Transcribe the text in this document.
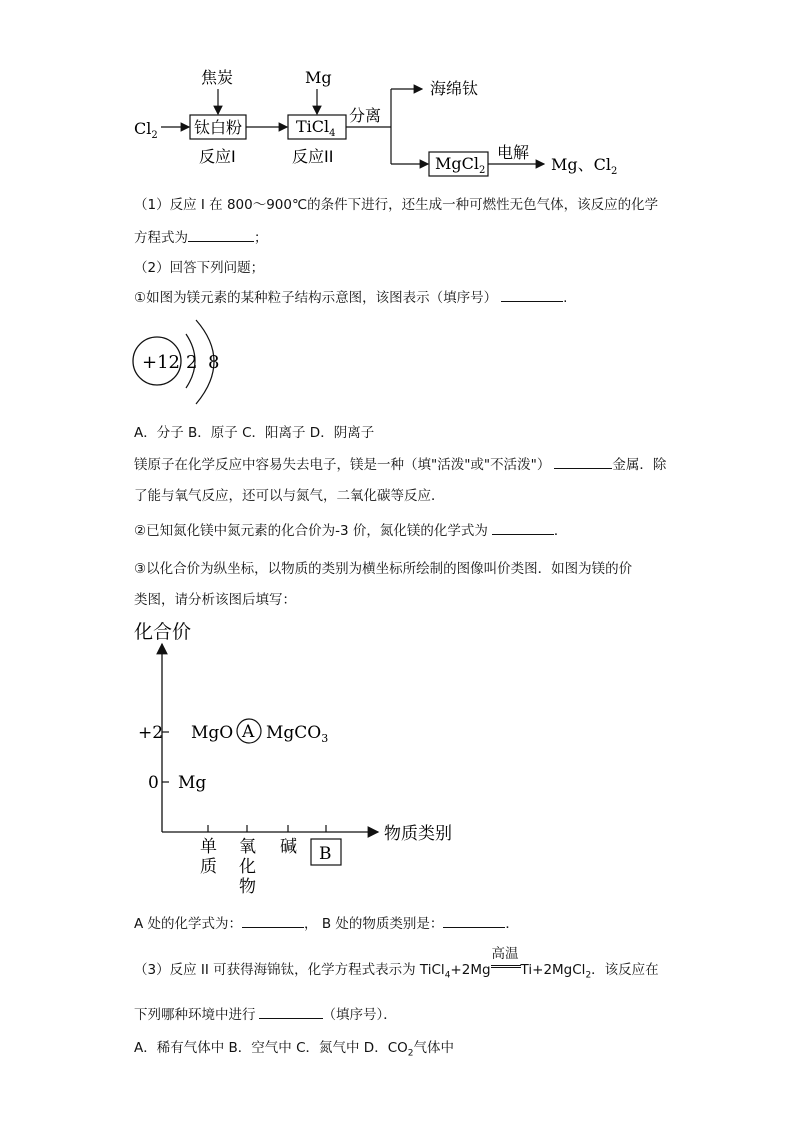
$Cl_2$
焦炭
钛白粉
反应I
Mg
TiCl$_4$
反应II
分离
海绵钛
MgCl$_2$
电解
Mg、$Cl_2$
（1）反应 I 在 800～900℃的条件下进行，还生成一种可燃性无色气体，该反应的化学
方程式为	；
（2）回答下列问题；
①如图为镁元素的某种粒子结构示意图，该图表示（填序号）	.
+12 2 8
A．分子 B．原子 C．阳离子 D．阴离子
镁原子在化学反应中容易失去电子，镁是一种（填"活泼"或"不活泼"）	金属．除
了能与氧气反应，还可以与氮气，二氧化碳等反应．
②已知氮化镁中氮元素的化合价为-3 价，氮化镁的化学式为	．
③以化合价为纵坐标，以物质的类别为横坐标所绘制的图像叫价类图．如图为镁的价
类图，请分析该图后填写：
化合价
物质类别
+2
0
单
质
氧
化
物
碱 B
MgO A MgCO$_3$
Mg
A 处的化学式为：	， B 处的物质类别是：	．
（3）反应 II 可获得海锦钛，化学方程式表示为 TiCl$_4$+2Mg
高温
Ti+2MgCl$_2$．该反应在
下列哪种环境中进行	（填序号）．
A．稀有气体中 B．空气中 C．氮气中 D．$CO_2$气体中
